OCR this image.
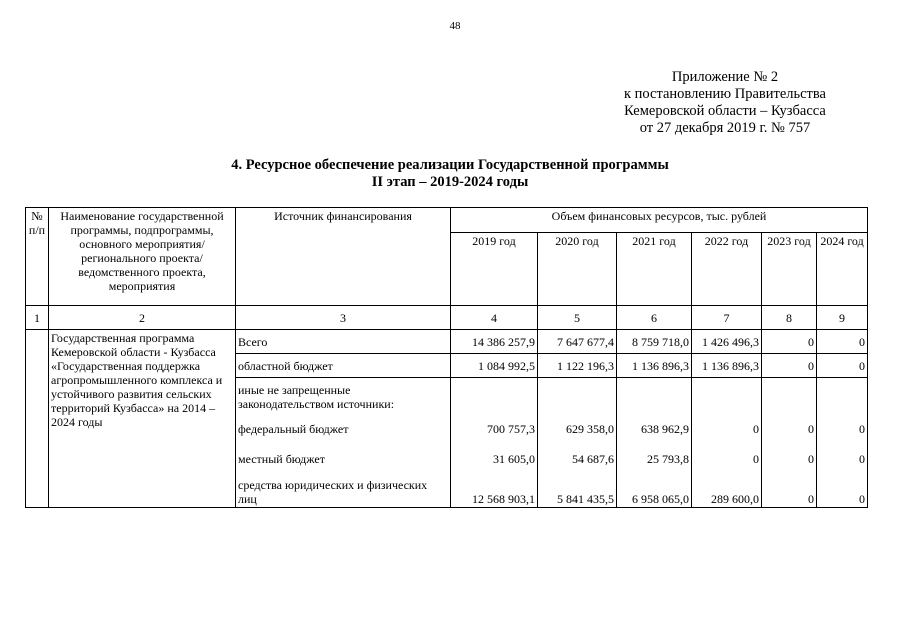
48
Приложение № 2
к постановлению Правительства
Кемеровской области – Кузбасса
от 27 декабря 2019 г. № 757
4. Ресурсное обеспечение реализации Государственной программы
II этап – 2019-2024 годы
№ п/п	Наименование государственной программы, подпрограммы, основного мероприятия/регионального проекта/ведомственного проекта, мероприятия	Источник финансирования	Объем финансовых ресурсов, тыс. рублей					
			2019 год	2020 год	2021 год	2022 год	2023 год	2024 год
1	2	3	4	5	6	7	8	9
	Государственная программа Кемеровской области - Кузбасса «Государственная поддержка агропромышленного комплекса и устойчивого развития сельских территорий Кузбасса» на 2014 – 2024 годы	Всего	14 386 257,9	7 647 677,4	8 759 718,0	1 426 496,3	0	0
		областной бюджет	1 084 992,5	1 122 196,3	1 136 896,3	1 136 896,3	0	0
		иные не запрещенные законодательством источники:						
		федеральный бюджет	700 757,3	629 358,0	638 962,9	0	0	0
		местный бюджет	31 605,0	54 687,6	25 793,8	0	0	0
		средства юридических и физических лиц	12 568 903,1	5 841 435,5	6 958 065,0	289 600,0	0	0
